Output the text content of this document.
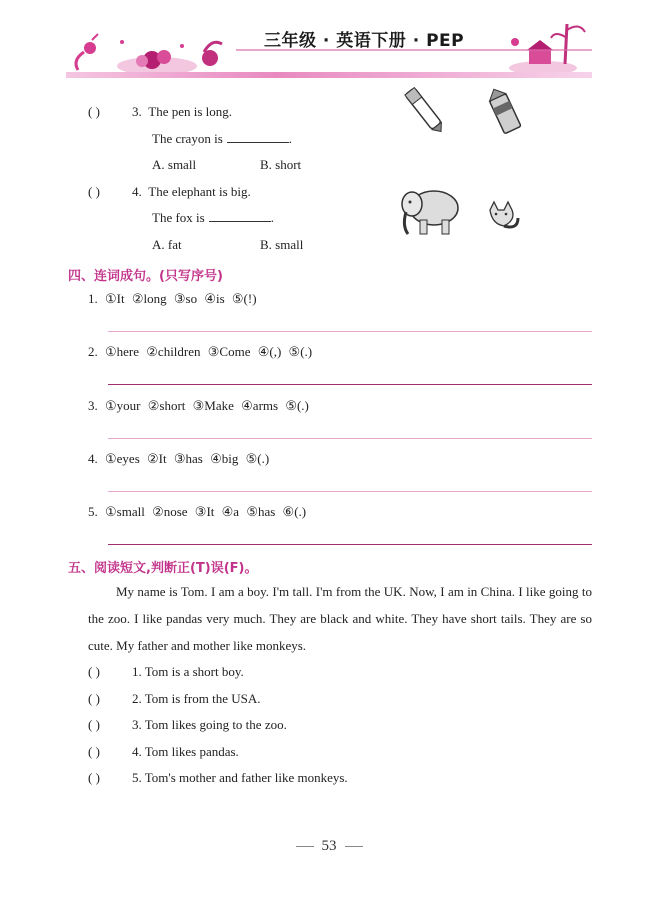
三年级 · 英语下册 · PEP
( ) 3.  The pen is long.
The crayon is	.
A. small	B. short
( ) 4.  The elephant is big.
The fox is	.
A. fat	B. small
四、连词成句。(只写序号)
1. ①It ②long ③so ④is ⑤(!)
2. ①here ②children ③Come ④(,) ⑤(.)
3. ①your ②short ③Make ④arms ⑤(.)
4. ①eyes ②It ③has ④big ⑤(.)
5. ①small ②nose ③It ④a ⑤has ⑥(.)
五、阅读短文,判断正(T)误(F)。

My name is Tom. I am a boy. I'm tall. I'm from the UK. Now, I am in China. I like going to the zoo. I like pandas very much. They are black and white. They have short tails. They are so cute. My father and mother like monkeys.

( ) 1. Tom is a short boy.
( ) 2. Tom is from the USA.
( ) 3. Tom likes going to the zoo.
( ) 4. Tom likes pandas.
( ) 5. Tom's mother and father like monkeys.
53
